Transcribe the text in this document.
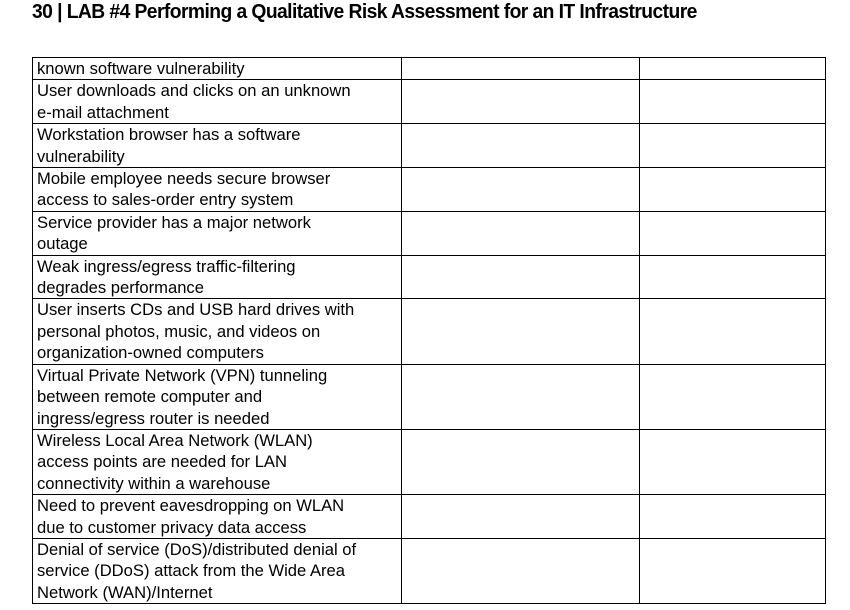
30 | LAB #4 Performing a Qualitative Risk Assessment for an IT Infrastructure
known software vulnerability		

User downloads and clicks on an unknown
e-mail attachment		

Workstation browser has a software
vulnerability		

Mobile employee needs secure browser
access to sales-order entry system		

Service provider has a major network
outage		

Weak ingress/egress traffic-filtering
degrades performance		

User inserts CDs and USB hard drives with
personal photos, music, and videos on
organization-owned computers		

Virtual Private Network (VPN) tunneling
between remote computer and
ingress/egress router is needed		

Wireless Local Area Network (WLAN)
access points are needed for LAN
connectivity within a warehouse		

Need to prevent eavesdropping on WLAN
due to customer privacy data access		

Denial of service (DoS)/distributed denial of
service (DDoS) attack from the Wide Area
Network (WAN)/Internet		
